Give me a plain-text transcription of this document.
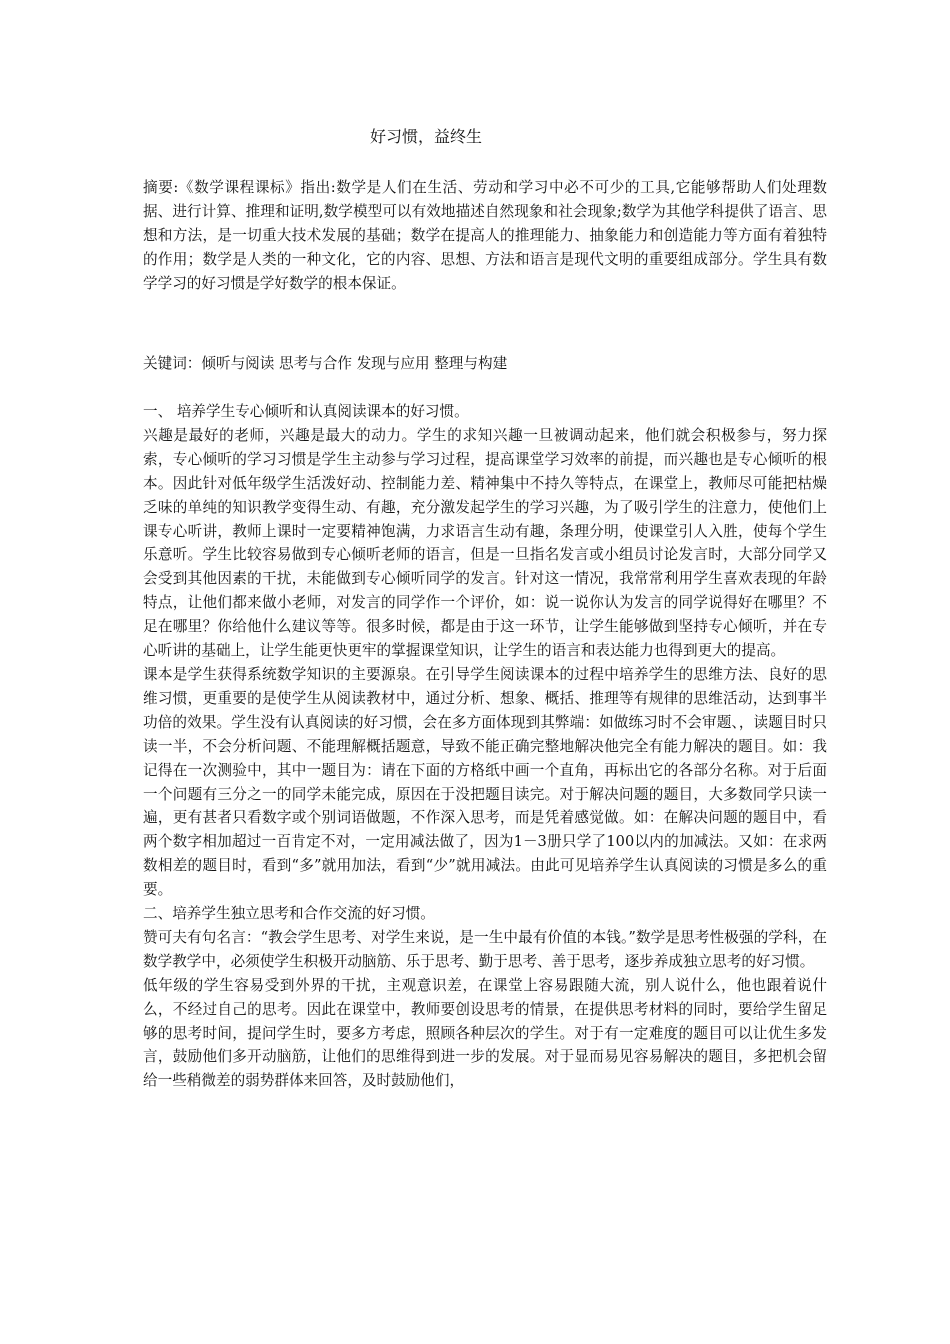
好习惯，益终生

摘要:《数学课程课标》指出:数学是人们在生活、劳动和学习中必不可少的工具,它能够帮助人们处理数据、进行计算、推理和证明,数学模型可以有效地描述自然现象和社会现象;数学为其他学科提供了语言、思想和方法，是一切重大技术发展的基础；数学在提高人的推理能力、抽象能力和创造能力等方面有着独特的作用；数学是人类的一种文化，它的内容、思想、方法和语言是现代文明的重要组成部分。学生具有数学学习的好习惯是学好数学的根本保证。

关键词：倾听与阅读 思考与合作 发现与应用 整理与构建

一、 培养学生专心倾听和认真阅读课本的好习惯。

兴趣是最好的老师，兴趣是最大的动力。学生的求知兴趣一旦被调动起来，他们就会积极参与，努力探索，专心倾听的学习习惯是学生主动参与学习过程，提高课堂学习效率的前提，而兴趣也是专心倾听的根本。因此针对低年级学生活泼好动、控制能力差、精神集中不持久等特点，在课堂上，教师尽可能把枯燥乏味的单纯的知识教学变得生动、有趣，充分激发起学生的学习兴趣，为了吸引学生的注意力，使他们上课专心听讲，教师上课时一定要精神饱满，力求语言生动有趣，条理分明，使课堂引人入胜，使每个学生乐意听。学生比较容易做到专心倾听老师的语言，但是一旦指名发言或小组员讨论发言时，大部分同学又会受到其他因素的干扰，未能做到专心倾听同学的发言。针对这一情况，我常常利用学生喜欢表现的年龄特点，让他们都来做小老师，对发言的同学作一个评价，如：说一说你认为发言的同学说得好在哪里？不足在哪里？你给他什么建议等等。很多时候，都是由于这一环节，让学生能够做到坚持专心倾听，并在专心听讲的基础上，让学生能更快更牢的掌握课堂知识，让学生的语言和表达能力也得到更大的提高。

课本是学生获得系统数学知识的主要源泉。在引导学生阅读课本的过程中培养学生的思维方法、良好的思维习惯，更重要的是使学生从阅读教材中，通过分析、想象、概括、推理等有规律的思维活动，达到事半功倍的效果。学生没有认真阅读的好习惯，会在多方面体现到其弊端：如做练习时不会审题、，读题目时只读一半，不会分析问题、不能理解概括题意，导致不能正确完整地解决他完全有能力解决的题目。如：我记得在一次测验中，其中一题目为：请在下面的方格纸中画一个直角，再标出它的各部分名称。对于后面一个问题有三分之一的同学未能完成，原因在于没把题目读完。对于解决问题的题目，大多数同学只读一遍，更有甚者只看数字或个别词语做题，不作深入思考，而是凭着感觉做。如：在解决问题的题目中，看两个数字相加超过一百肯定不对，一定用减法做了，因为1－3册只学了100以内的加减法。又如：在求两数相差的题目时，看到“多”就用加法，看到“少”就用减法。由此可见培养学生认真阅读的习惯是多么的重要。

二、培养学生独立思考和合作交流的好习惯。

赞可夫有句名言：“教会学生思考、对学生来说，是一生中最有价值的本钱。”数学是思考性极强的学科，在数学教学中，必须使学生积极开动脑筋、乐于思考、勤于思考、善于思考，逐步养成独立思考的好习惯。

低年级的学生容易受到外界的干扰，主观意识差，在课堂上容易跟随大流，别人说什么，他也跟着说什么，不经过自己的思考。因此在课堂中，教师要创设思考的情景，在提供思考材料的同时，要给学生留足够的思考时间，提问学生时，要多方考虑，照顾各种层次的学生。对于有一定难度的题目可以让优生多发言，鼓励他们多开动脑筋，让他们的思维得到进一步的发展。对于显而易见容易解决的题目，多把机会留给一些稍微差的弱势群体来回答，及时鼓励他们，
